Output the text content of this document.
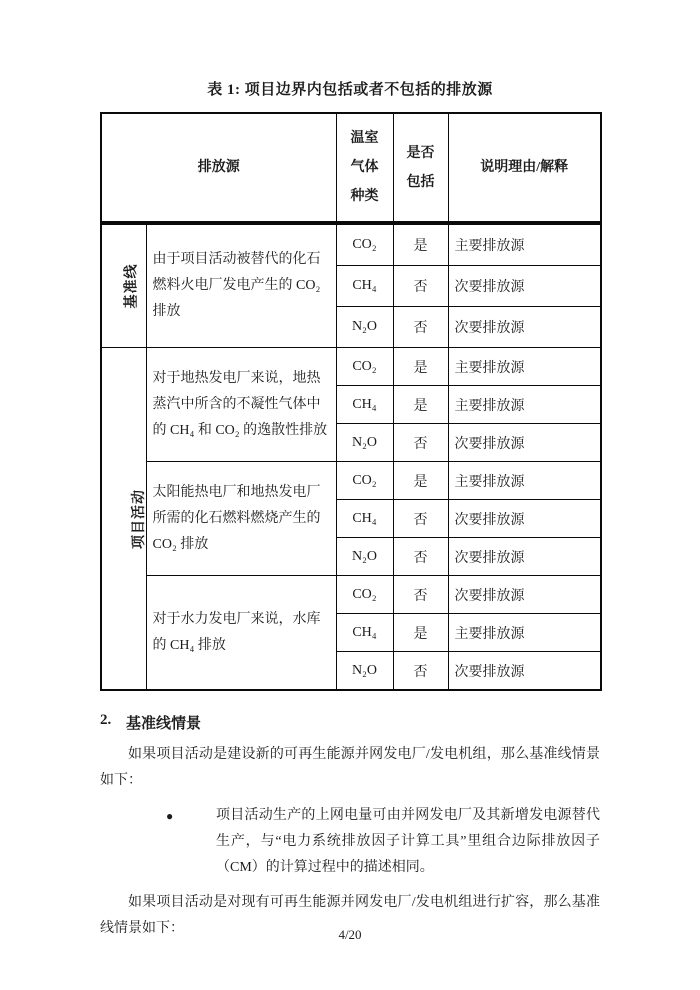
表 1: 项目边界内包括或者不包括的排放源
排放源		温室气体种类	是否包括	说明理由/解释
基准线	由于项目活动被替代的化石燃料火电厂发电产生的 CO₂ 排放	CO₂	是	主要排放源
		CH₄	否	次要排放源
		N₂O	否	次要排放源
项目活动	对于地热发电厂来说，地热蒸汽中所含的不凝性气体中的 CH₄ 和 CO₂ 的逸散性排放	CO₂	是	主要排放源
		CH₄	是	主要排放源
		N₂O	否	次要排放源
	太阳能热电厂和地热发电厂所需的化石燃料燃烧产生的 CO₂ 排放	CO₂	是	主要排放源
		CH₄	否	次要排放源
		N₂O	否	次要排放源
	对于水力发电厂来说，水库的 CH₄ 排放	CO₂	否	次要排放源
		CH₄	是	主要排放源
		N₂O	否	次要排放源
2. 基准线情景

如果项目活动是建设新的可再生能源并网发电厂/发电机组，那么基准线情景如下：

●	项目活动生产的上网电量可由并网发电厂及其新增发电源替代生产，与“电力系统排放因子计算工具”里组合边际排放因子（CM）的计算过程中的描述相同。

如果项目活动是对现有可再生能源并网发电厂/发电机组进行扩容，那么基准线情景如下：	4/20
